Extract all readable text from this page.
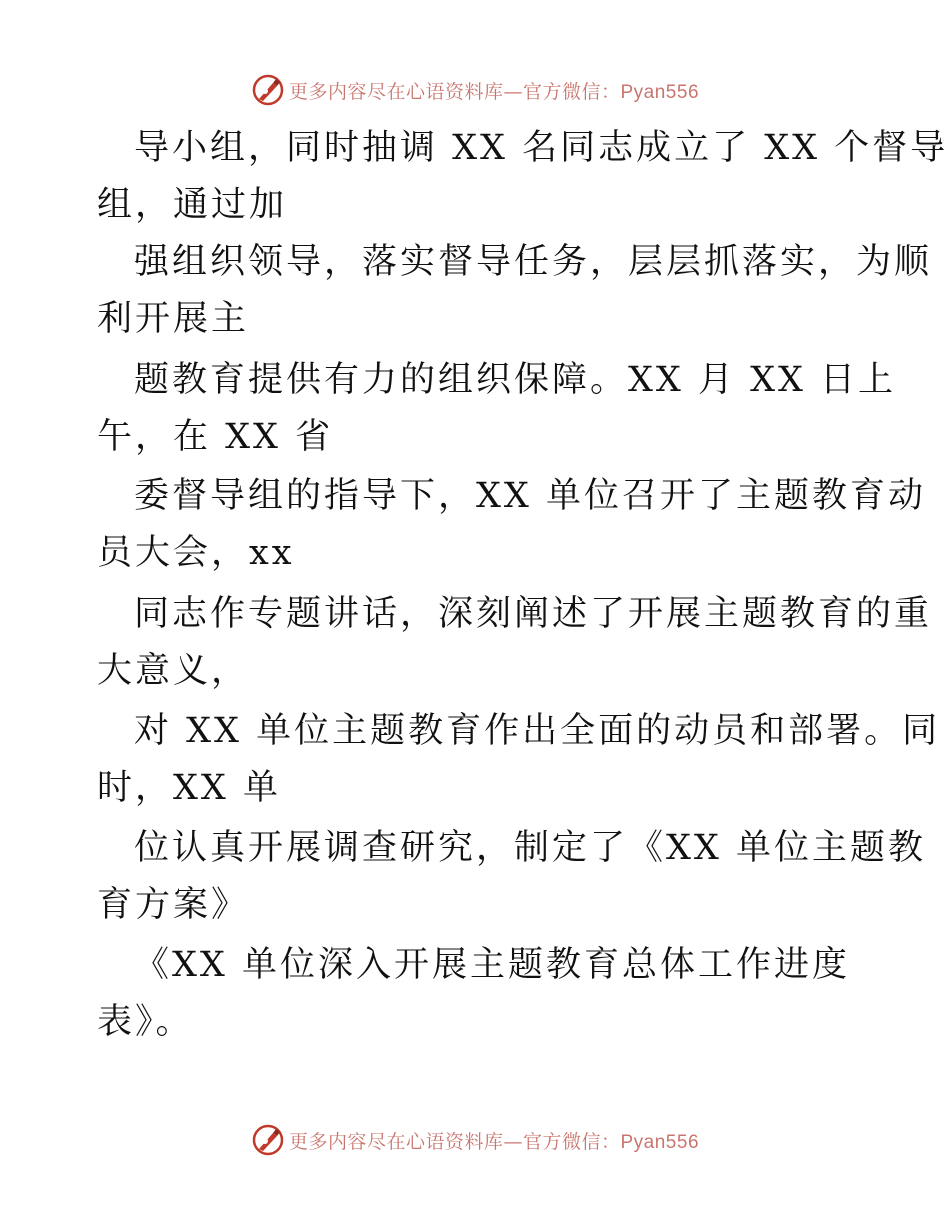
更多内容尽在心语资料库—官方微信：Pyan556
导小组，同时抽调 XX 名同志成立了 XX 个督导
组，通过加
强组织领导，落实督导任务，层层抓落实，为顺
利开展主
题教育提供有力的组织保障。XX 月 XX 日上
午，在 XX 省
委督导组的指导下，XX 单位召开了主题教育动
员大会，xx
同志作专题讲话，深刻阐述了开展主题教育的重
大意义，
对 XX 单位主题教育作出全面的动员和部署。同
时，XX 单
位认真开展调查研究，制定了《XX 单位主题教
育方案》
《XX 单位深入开展主题教育总体工作进度
表》。
更多内容尽在心语资料库—官方微信：Pyan556
